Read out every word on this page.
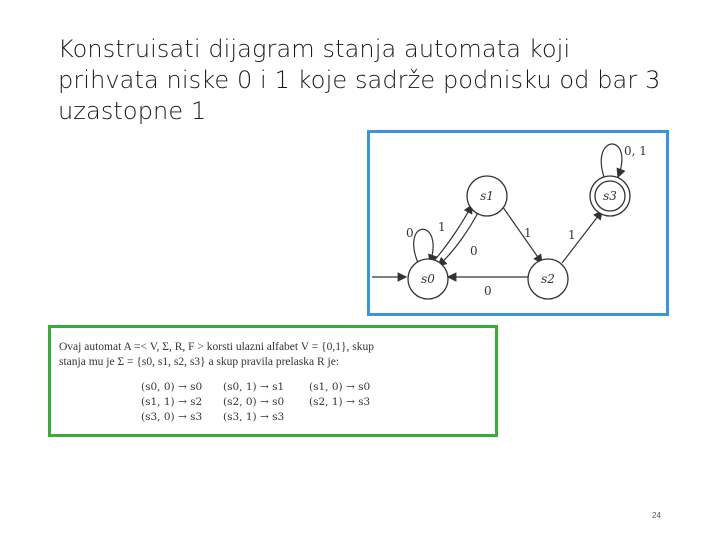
Konstruisati dijagram stanja automata koji
prihvata niske 0 i 1 koje sadrže podnisku od bar 3
uzastopne 1
s0
s1
s2
s3
0 1
0
1
0
1
0, 1
Ovaj automat A =< V, Σ, R, F > korsti ulazni alfabet V = {0,1}, skup
stanja mu je Σ = {s0, s1, s2, s3} a skup pravila prelaska R je:
(s0, 0) → s0 (s0, 1) → s1 (s1, 0) → s0
(s1, 1) → s2 (s2, 0) → s0 (s2, 1) → s3
(s3, 0) → s3 (s3, 1) → s3
24
